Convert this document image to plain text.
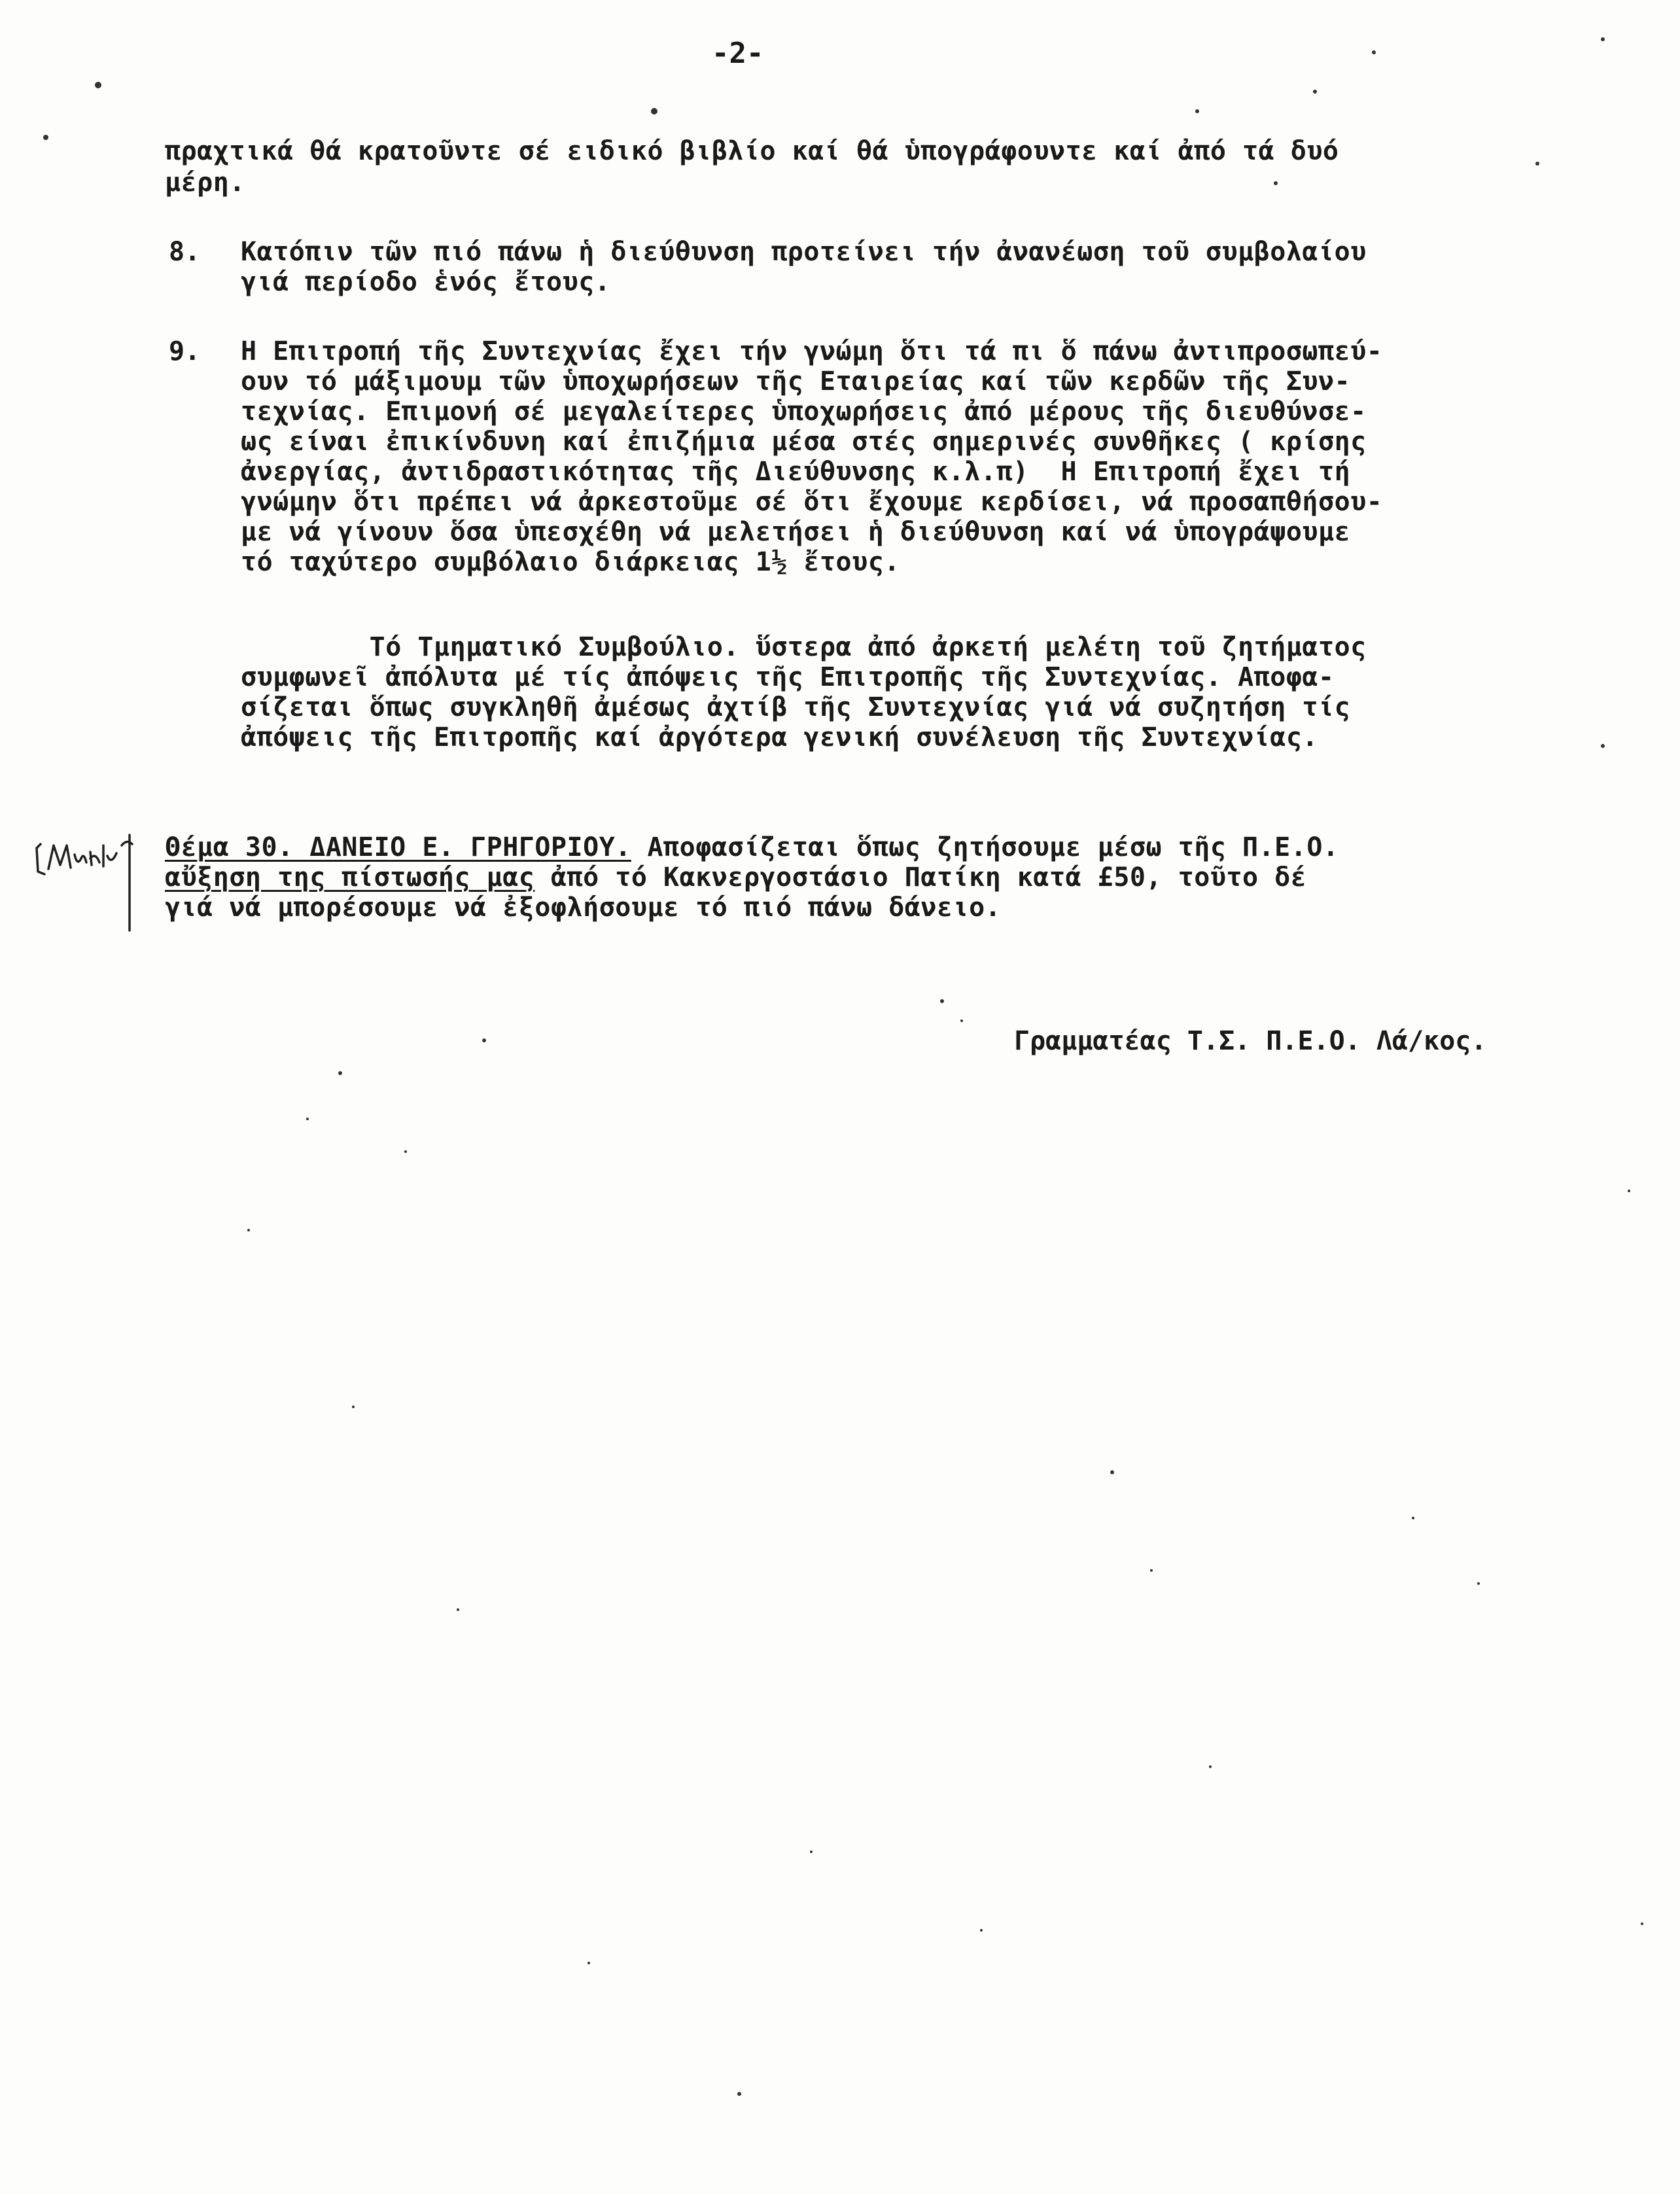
-2-
πραχτικά θά κρατοῦντε σέ ειδικό βιβλίο καί θά ὑπογράφουντε καί ἀπό τά δυό
μέρη.
8. Κατόπιν τῶν πιό πάνω ἡ διεύθυνση προτείνει τήν ἀνανέωση τοῦ συμβολαίου
γιά περίοδο ἑνός ἔτους.
9. Η Επιτροπή τῆς Συντεχνίας ἔχει τήν γνώμη ὅτι τά πι ὅ πάνω ἀντιπροσωπεύ-
ουν τό μάξιμουμ τῶν ὑποχωρήσεων τῆς Εταιρείας καί τῶν κερδῶν τῆς Συν-
τεχνίας. Επιμονή σέ μεγαλείτερες ὑποχωρήσεις ἀπό μέρους τῆς διευθύνσε-
ως είναι ἐπικίνδυνη καί ἐπιζήμια μέσα στές σημερινές συνθῆκες ( κρίσης
ἀνεργίας, ἀντιδραστικότητας τῆς Διεύθυνσης κ.λ.π)  Η Επιτροπή ἔχει τή
γνώμην ὅτι πρέπει νά ἀρκεστοῦμε σέ ὅτι ἔχουμε κερδίσει, νά προσαπθήσου-
με νά γίνουν ὅσα ὑπεσχέθη νά μελετήσει ἡ διεύθυνση καί νά ὑπογράψουμε
τό ταχύτερο συμβόλαιο διάρκειας 1½ ἔτους.
Τό Τμηματικό Συμβούλιο. ὕστερα ἀπό ἀρκετή μελέτη τοῦ ζητήματος
συμφωνεῖ ἀπόλυτα μέ τίς ἀπόψεις τῆς Επιτροπῆς τῆς Συντεχνίας. Αποφα-
σίζεται ὅπως συγκληθῆ ἀμέσως ἀχτίβ τῆς Συντεχνίας γιά νά συζητήση τίς
ἀπόψεις τῆς Επιτροπῆς καί ἀργότερα γενική συνέλευση τῆς Συντεχνίας.
Θέμα 30. ΔΑΝΕΙΟ Ε. ΓΡΗΓΟΡΙΟΥ. Αποφασίζεται ὅπως ζητήσουμε μέσω τῆς Π.Ε.Ο.
αὔξηση της πίστωσής μας ἀπό τό Κακνεργοστάσιο Πατίκη κατά £50, τοῦτο δέ
γιά νά μπορέσουμε νά ἐξοφλήσουμε τό πιό πάνω δάνειο.
Γραμματέας Τ.Σ. Π.Ε.Ο. Λά/κος.
